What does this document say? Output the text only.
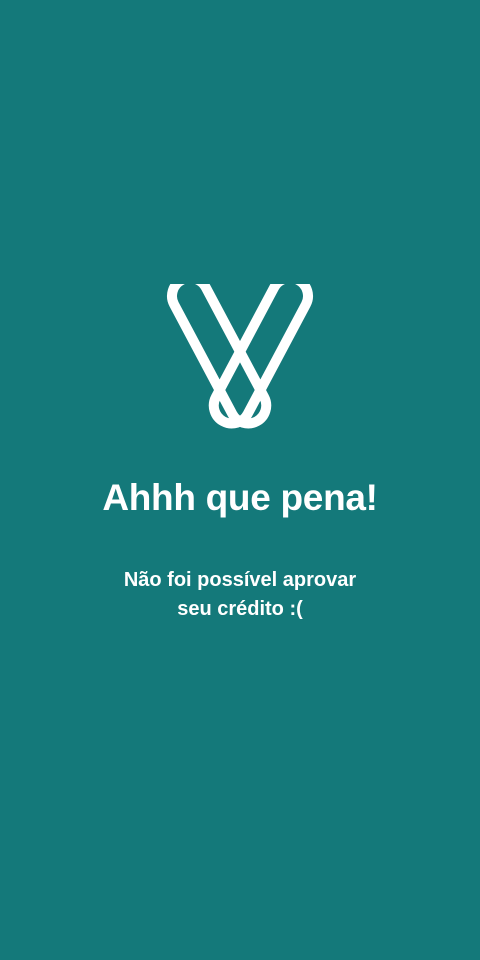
Ahhh que pena!
Não foi possível aprovar
seu crédito :(
